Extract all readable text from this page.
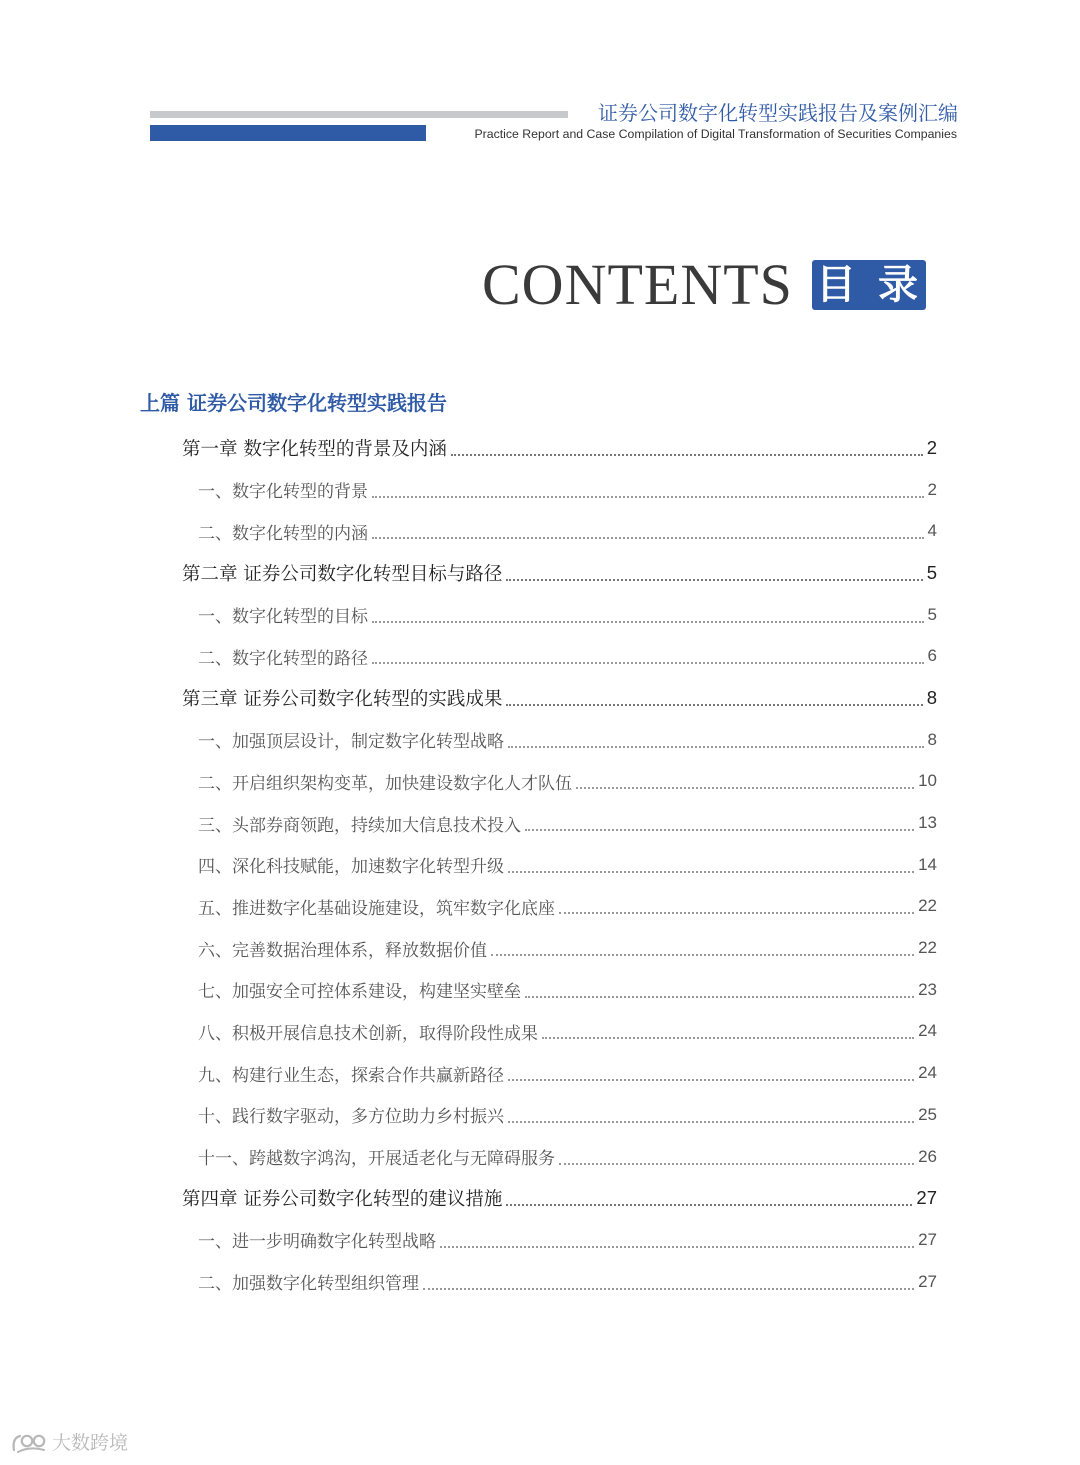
证券公司数字化转型实践报告及案例汇编
Practice Report and Case Compilation of Digital Transformation of Securities Companies
CONTENTS 目 录
上篇 证券公司数字化转型实践报告
第一章 数字化转型的背景及内涵	2
一、数字化转型的背景	2
二、数字化转型的内涵	4
第二章 证券公司数字化转型目标与路径	5
一、数字化转型的目标	5
二、数字化转型的路径	6
第三章 证券公司数字化转型的实践成果	8
一、加强顶层设计，制定数字化转型战略	8
二、开启组织架构变革，加快建设数字化人才队伍	10
三、头部券商领跑，持续加大信息技术投入	13
四、深化科技赋能，加速数字化转型升级	14
五、推进数字化基础设施建设，筑牢数字化底座	22
六、完善数据治理体系，释放数据价值	22
七、加强安全可控体系建设，构建坚实壁垒	23
八、积极开展信息技术创新，取得阶段性成果	24
九、构建行业生态，探索合作共赢新路径	24
十、践行数字驱动，多方位助力乡村振兴	25
十一、跨越数字鸿沟，开展适老化与无障碍服务	26
第四章 证券公司数字化转型的建议措施	27
一、进一步明确数字化转型战略	27
二、加强数字化转型组织管理	27
大数跨境
